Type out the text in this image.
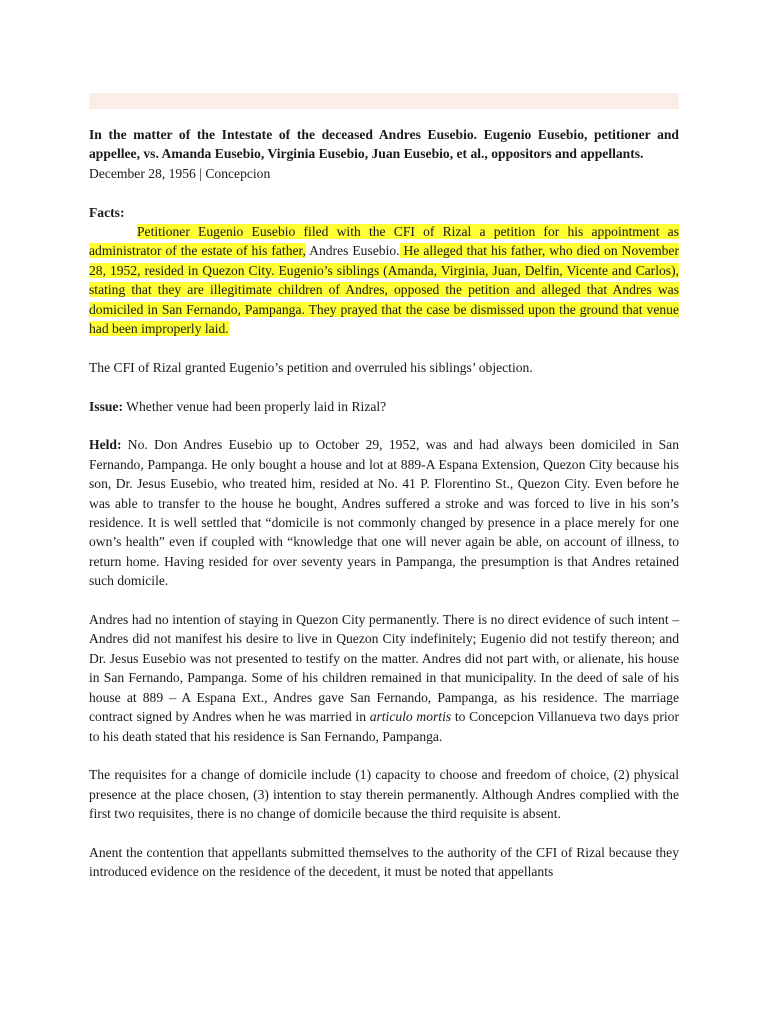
In the matter of the Intestate of the deceased Andres Eusebio. Eugenio Eusebio, petitioner and appellee, vs. Amanda Eusebio, Virginia Eusebio, Juan Eusebio, et al., oppositors and appellants.

December 28, 1956 | Concepcion

Facts:

Petitioner Eugenio Eusebio filed with the CFI of Rizal a petition for his appointment as administrator of the estate of his father, Andres Eusebio. He alleged that his father, who died on November 28, 1952, resided in Quezon City. Eugenio’s siblings (Amanda, Virginia, Juan, Delfin, Vicente and Carlos), stating that they are illegitimate children of Andres, opposed the petition and alleged that Andres was domiciled in San Fernando, Pampanga. They prayed that the case be dismissed upon the ground that venue had been improperly laid.

The CFI of Rizal granted Eugenio’s petition and overruled his siblings’ objection.

Issue: Whether venue had been properly laid in Rizal?

Held: No. Don Andres Eusebio up to October 29, 1952, was and had always been domiciled in San Fernando, Pampanga. He only bought a house and lot at 889-A Espana Extension, Quezon City because his son, Dr. Jesus Eusebio, who treated him, resided at No. 41 P. Florentino St., Quezon City. Even before he was able to transfer to the house he bought, Andres suffered a stroke and was forced to live in his son’s residence. It is well settled that “domicile is not commonly changed by presence in a place merely for one own’s health” even if coupled with “knowledge that one will never again be able, on account of illness, to return home. Having resided for over seventy years in Pampanga, the presumption is that Andres retained such domicile.

Andres had no intention of staying in Quezon City permanently. There is no direct evidence of such intent – Andres did not manifest his desire to live in Quezon City indefinitely; Eugenio did not testify thereon; and Dr. Jesus Eusebio was not presented to testify on the matter. Andres did not part with, or alienate, his house in San Fernando, Pampanga. Some of his children remained in that municipality. In the deed of sale of his house at 889 – A Espana Ext., Andres gave San Fernando, Pampanga, as his residence. The marriage contract signed by Andres when he was married in articulo mortis to Concepcion Villanueva two days prior to his death stated that his residence is San Fernando, Pampanga.

The requisites for a change of domicile include (1) capacity to choose and freedom of choice, (2) physical presence at the place chosen, (3) intention to stay therein permanently. Although Andres complied with the first two requisites, there is no change of domicile because the third requisite is absent.

Anent the contention that appellants submitted themselves to the authority of the CFI of Rizal because they introduced evidence on the residence of the decedent, it must be noted that appellants
